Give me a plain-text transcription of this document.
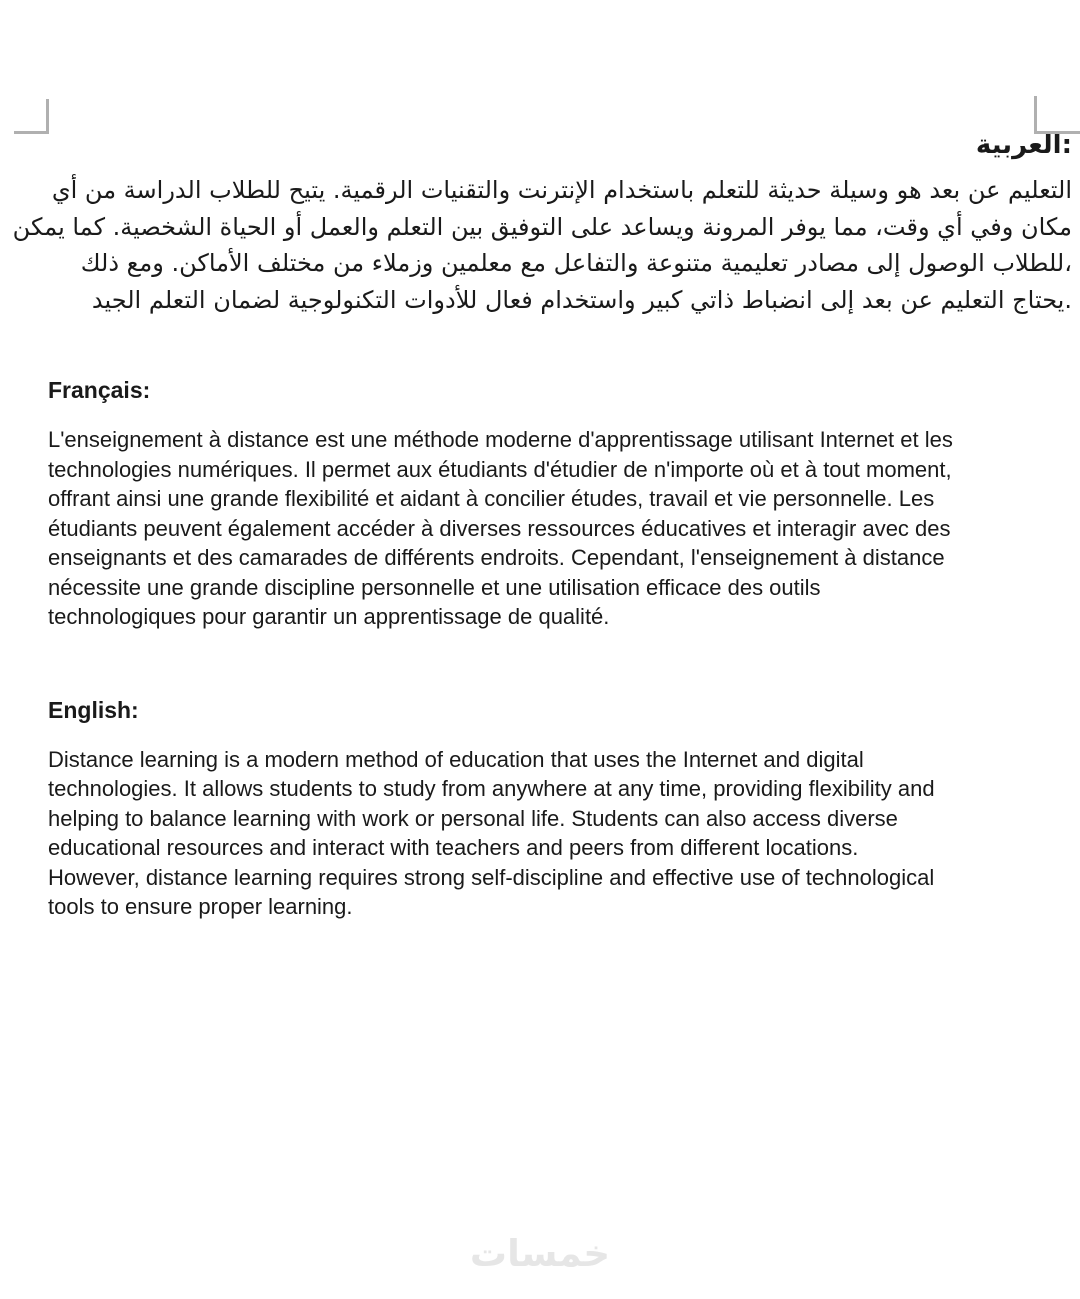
:العربية
التعليم عن بعد هو وسيلة حديثة للتعلم باستخدام الإنترنت والتقنيات الرقمية. يتيح للطلاب الدراسة من أي
مكان وفي أي وقت، مما يوفر المرونة ويساعد على التوفيق بين التعلم والعمل أو الحياة الشخصية. كما يمكن
،للطلاب الوصول إلى مصادر تعليمية متنوعة والتفاعل مع معلمين وزملاء من مختلف الأماكن. ومع ذلك
.يحتاج التعليم عن بعد إلى انضباط ذاتي كبير واستخدام فعال للأدوات التكنولوجية لضمان التعلم الجيد
Français:
L'enseignement à distance est une méthode moderne d'apprentissage utilisant Internet et les
technologies numériques. Il permet aux étudiants d'étudier de n'importe où et à tout moment,
offrant ainsi une grande flexibilité et aidant à concilier études, travail et vie personnelle. Les
étudiants peuvent également accéder à diverses ressources éducatives et interagir avec des
enseignants et des camarades de différents endroits. Cependant, l'enseignement à distance
nécessite une grande discipline personnelle et une utilisation efficace des outils
technologiques pour garantir un apprentissage de qualité.
English:
Distance learning is a modern method of education that uses the Internet and digital
technologies. It allows students to study from anywhere at any time, providing flexibility and
helping to balance learning with work or personal life. Students can also access diverse
educational resources and interact with teachers and peers from different locations.
However, distance learning requires strong self-discipline and effective use of technological
tools to ensure proper learning.
خمسات
